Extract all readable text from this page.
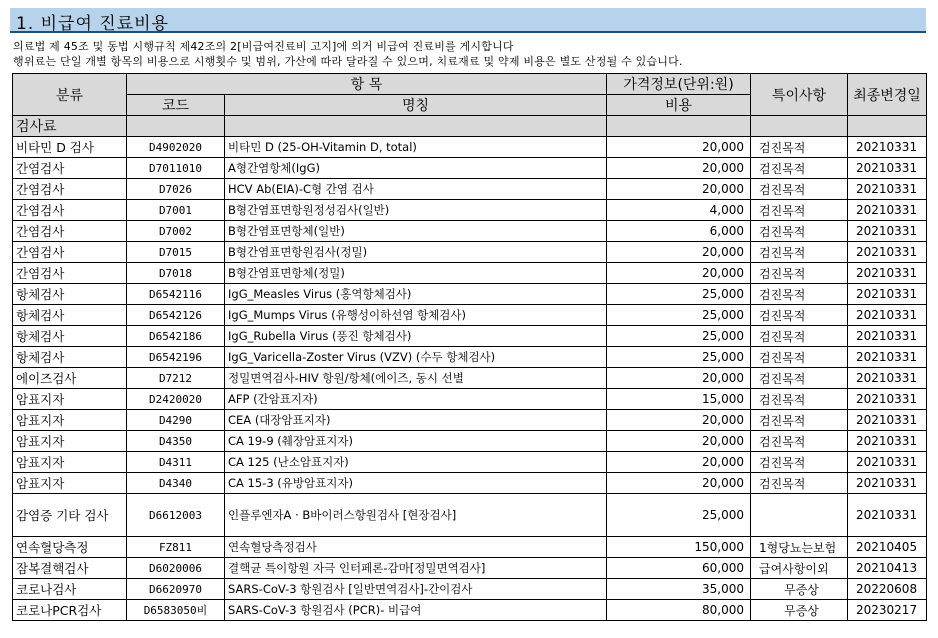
1. 비급여 진료비용
의료법 제 45조 및 동법 시행규칙 제42조의 2[비급여진료비 고지]에 의거 비급여 진료비를 게시합니다
행위료는 단일 개별 항목의 비용으로 시행횟수 및 범위, 가산에 따라 달라질 수 있으며, 치료재료 및 약제 비용은 별도 산정될 수 있습니다.
분류	항 목		가격정보(단위:원)	특이사항	최종변경일
	코드	명칭	비용		
검사료					
비타민 D 검사	D4902020	비타민 D (25-OH-Vitamin D, total)	20,000	검진목적	20210331
간염검사	D7011010	A형간염항체(IgG)	20,000	검진목적	20210331
간염검사	D7026	HCV Ab(EIA)-C형 간염 검사	20,000	검진목적	20210331
간염검사	D7001	B형간염표면항원정성검사(일반)	4,000	검진목적	20210331
간염검사	D7002	B형간염표면항체(일반)	6,000	검진목적	20210331
간염검사	D7015	B형간염표면항원검사(정밀)	20,000	검진목적	20210331
간염검사	D7018	B형간염표면항체(정밀)	20,000	검진목적	20210331
항체검사	D6542116	IgG_Measles Virus (홍역항체검사)	25,000	검진목적	20210331
항체검사	D6542126	IgG_Mumps Virus (유행성이하선염 항체검사)	25,000	검진목적	20210331
항체검사	D6542186	IgG_Rubella Virus (풍진 항체검사)	25,000	검진목적	20210331
항체검사	D6542196	IgG_Varicella-Zoster Virus (VZV) (수두 항체검사)	25,000	검진목적	20210331
에이즈검사	D7212	정밀면역검사-HIV 항원/항체(에이즈, 동시 선별	20,000	검진목적	20210331
암표지자	D2420020	AFP (간암표지자)	15,000	검진목적	20210331
암표지자	D4290	CEA (대장암표지자)	20,000	검진목적	20210331
암표지자	D4350	CA 19-9 (췌장암표지자)	20,000	검진목적	20210331
암표지자	D4311	CA 125 (난소암표지자)	20,000	검진목적	20210331
암표지자	D4340	CA 15-3 (유방암표지자)	20,000	검진목적	20210331
감염증 기타 검사	D6612003	인플루엔자A · B바이러스항원검사 [현장검사]	25,000		20210331
연속혈당측정	FZ811	연속혈당측정검사	150,000	1형당뇨는보험	20210405
잠복결핵검사	D6020006	결핵균 특이항원 자극 인터페론-감마[정밀면역검사]	60,000	급여사항이외	20210413
코로나검사	D6620970	SARS-CoV-3 항원검사 [일반면역검사]-간이검사	35,000	무증상	20220608
코로나PCR검사	D6583050비	SARS-CoV-3 항원검사 (PCR)- 비급여	80,000	무증상	20230217
